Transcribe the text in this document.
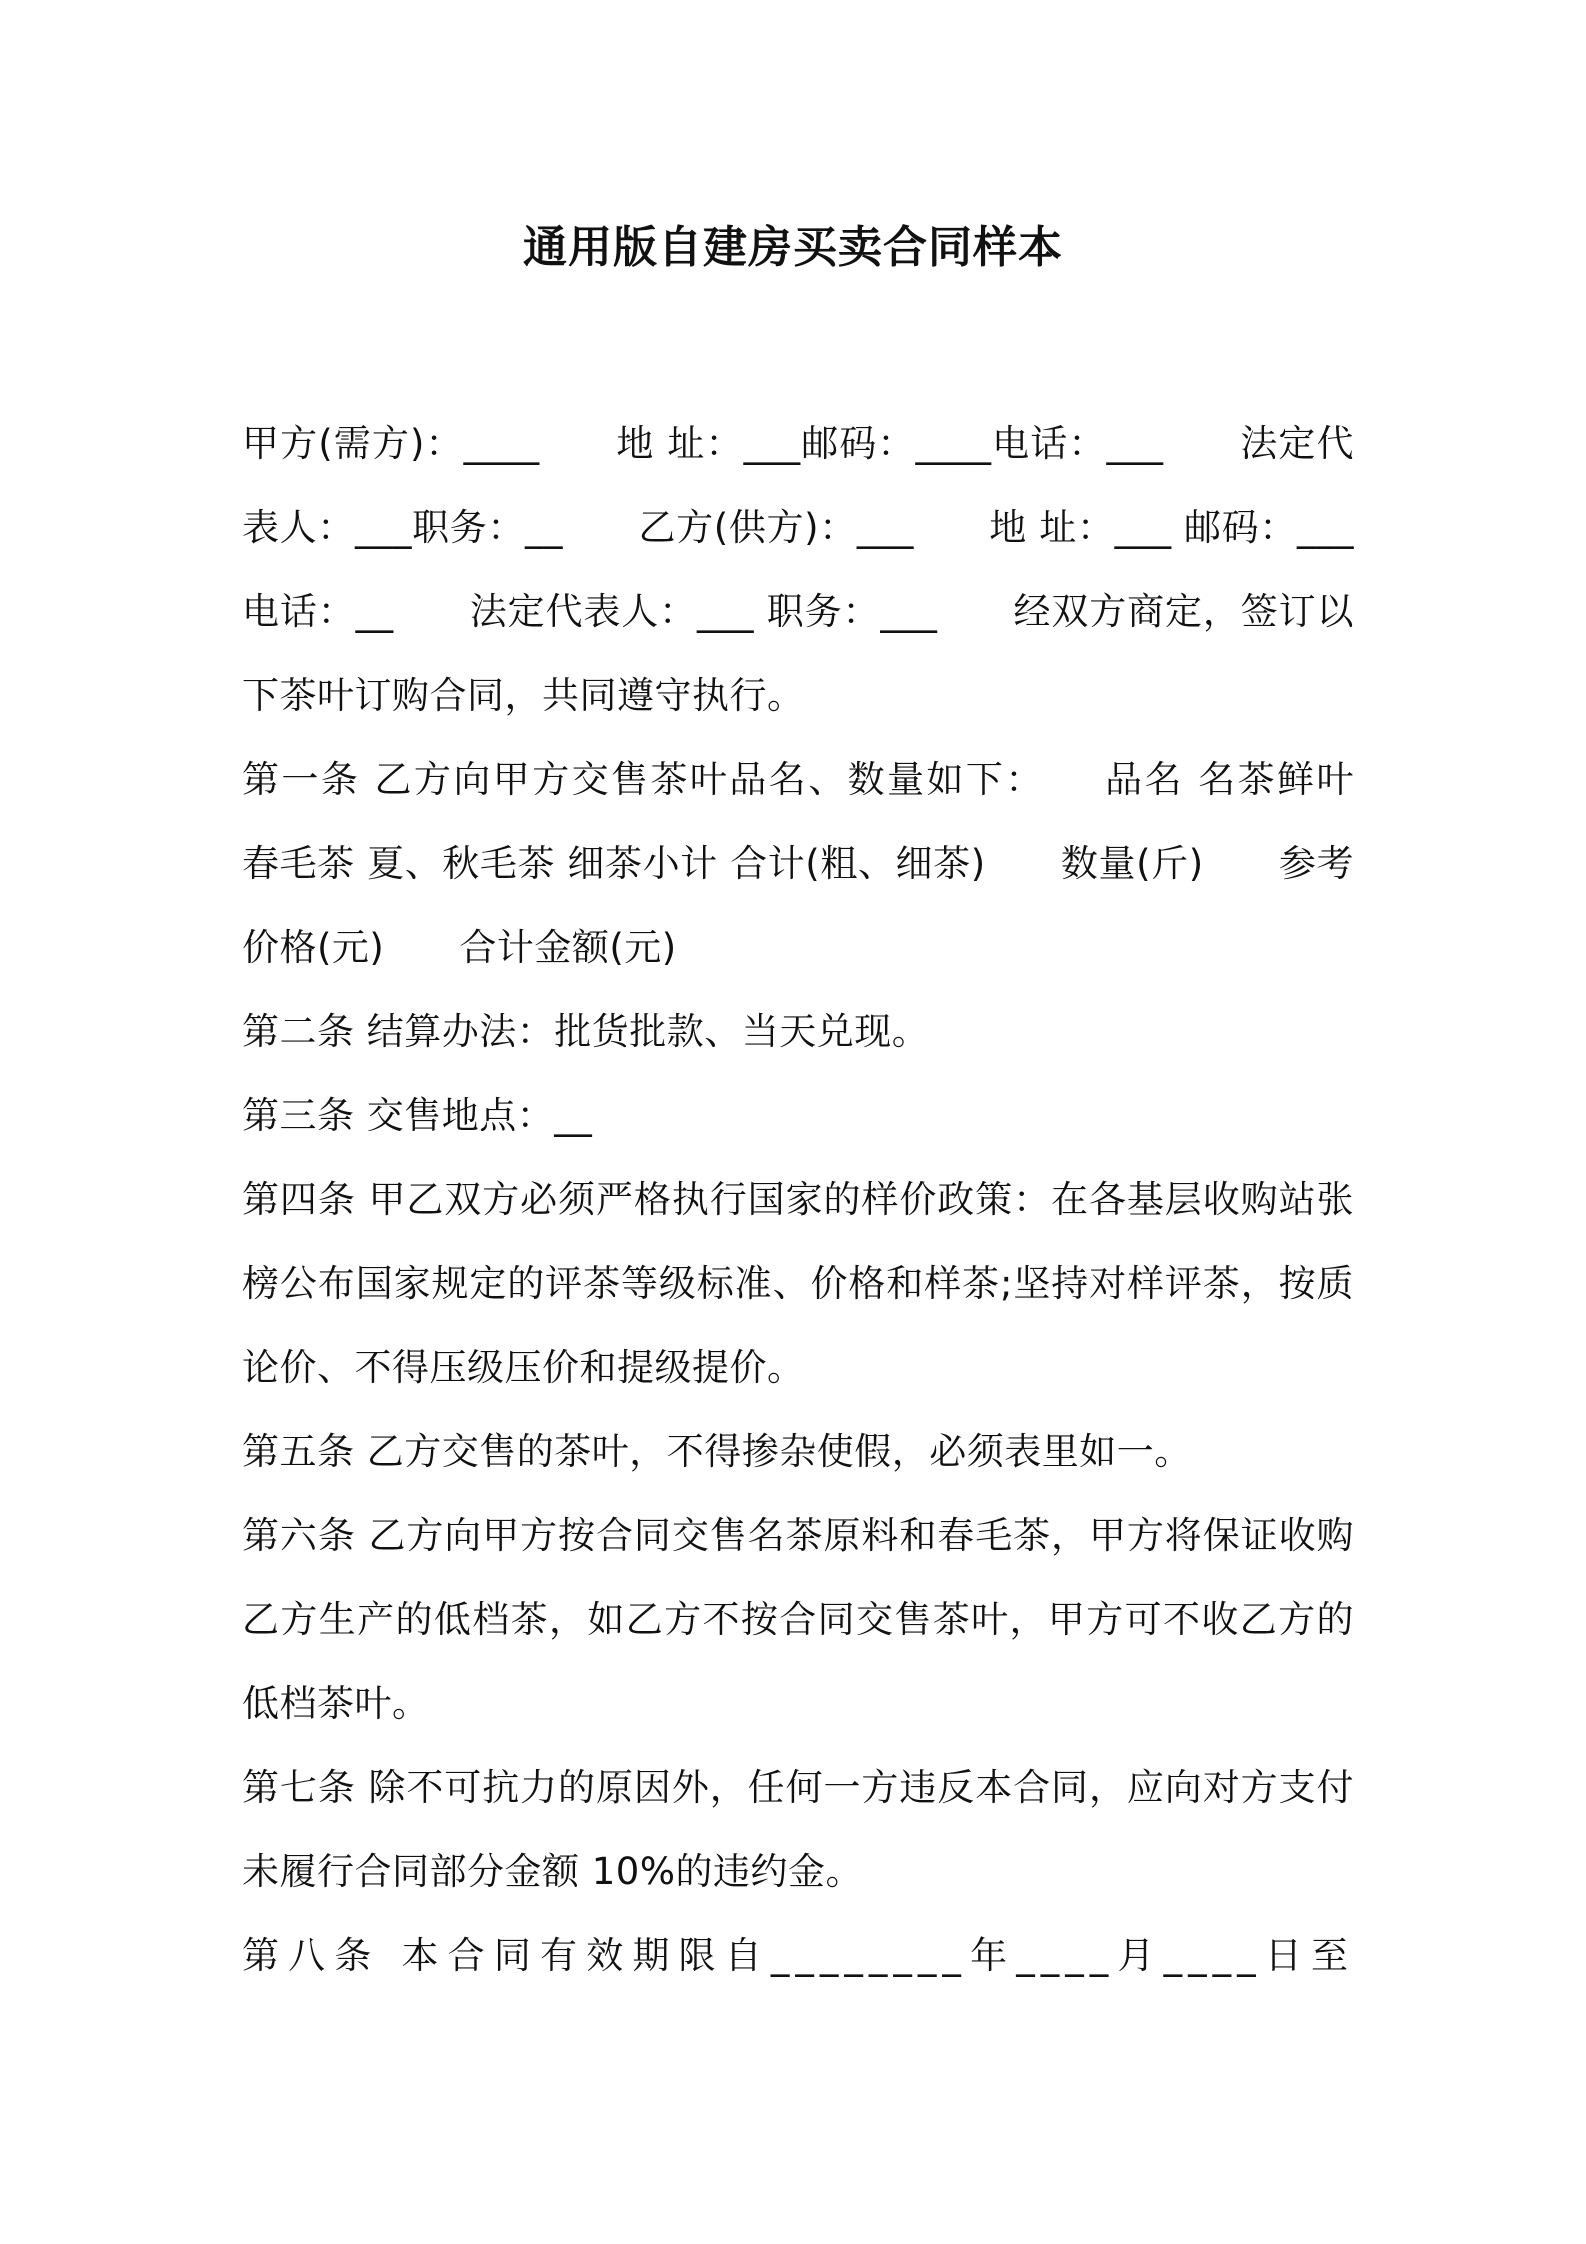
通用版自建房买卖合同样本

甲方(需方)：____　　地 址：___邮码：____电话：___　　法定代表人：___职务：__　　乙方(供方)：___　　地 址：___ 邮码：___电话：__　　法定代表人：___ 职务：___　　经双方商定，签订以下茶叶订购合同，共同遵守执行。

第一条 乙方向甲方交售茶叶品名、数量如下：　　品名 名茶鲜叶　　春毛茶 夏、秋毛茶 细茶小计 合计(粗、细茶)　　数量(斤)　　参考价格(元)　　合计金额(元)

第二条 结算办法：批货批款、当天兑现。

第三条 交售地点：__

第四条 甲乙双方必须严格执行国家的样价政策：在各基层收购站张榜公布国家规定的评茶等级标准、价格和样茶;坚持对样评茶，按质论价、不得压级压价和提级提价。

第五条 乙方交售的茶叶，不得掺杂使假，必须表里如一。

第六条 乙方向甲方按合同交售名茶原料和春毛茶，甲方将保证收购乙方生产的低档茶，如乙方不按合同交售茶叶，甲方可不收乙方的低档茶叶。

第七条 除不可抗力的原因外，任何一方违反本合同，应向对方支付未履行合同部分金额 10%的违约金。

第八条 本合同有效期限自________年____月____日至
